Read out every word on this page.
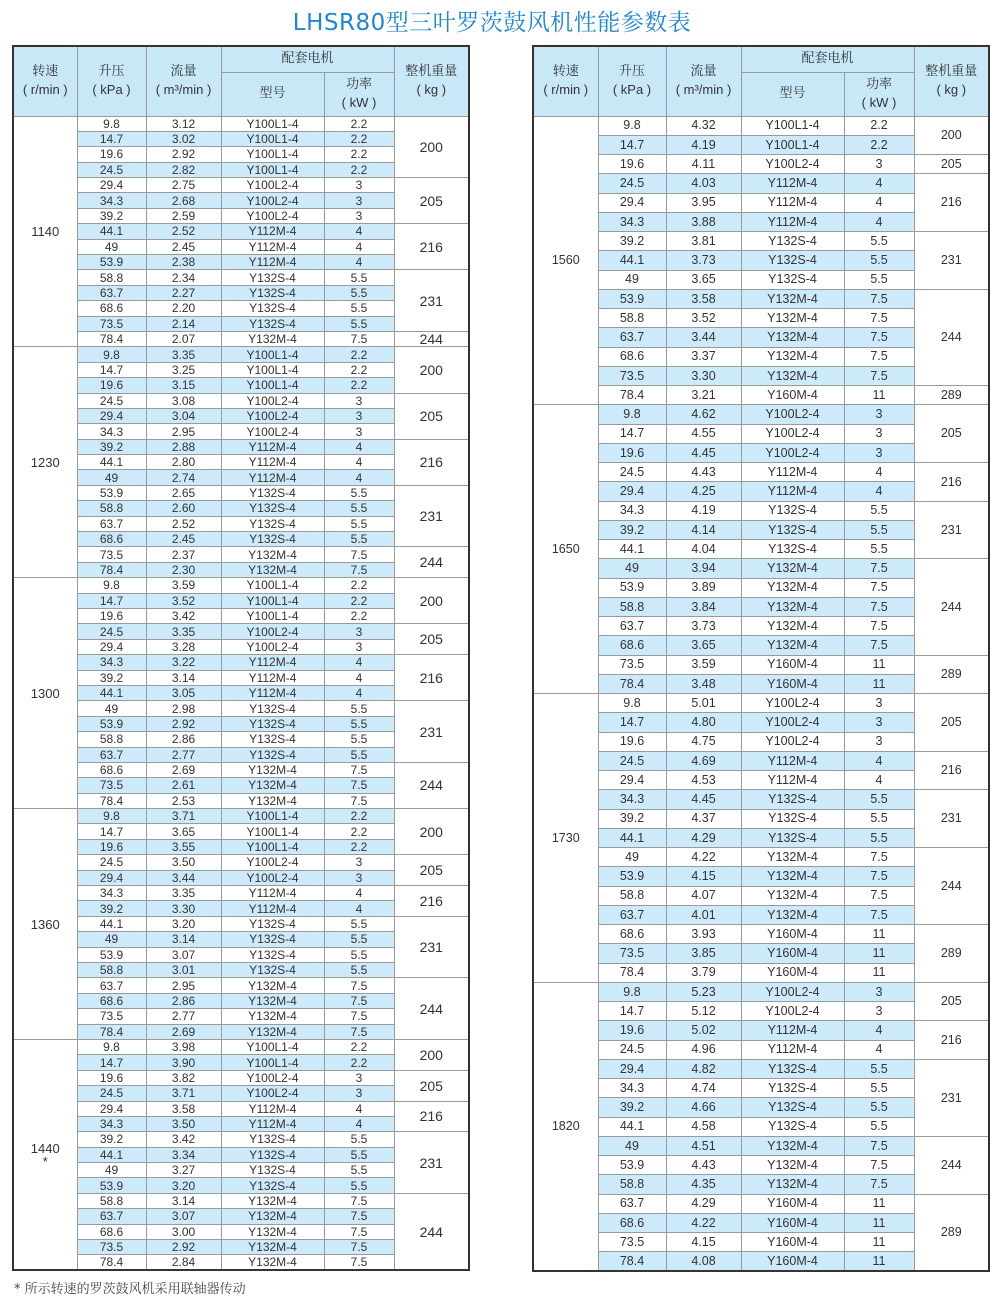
LHSR80型三叶罗茨鼓风机性能参数表
转速
( r/min )	升压
( kPa )	流量
( m³/min )	配套电机		整机重量
( kg )
			型号	功率
( kW )	

1140	9.8	3.12	Y100L1-4	2.2	200
	14.7	3.02	Y100L1-4	2.2	
	19.6	2.92	Y100L1-4	2.2	
	24.5	2.82	Y100L1-4	2.2	
	29.4	2.75	Y100L2-4	3	205
	34.3	2.68	Y100L2-4	3	
	39.2	2.59	Y100L2-4	3	
	44.1	2.52	Y112M-4	4	216
	49	2.45	Y112M-4	4	
	53.9	2.38	Y112M-4	4	
	58.8	2.34	Y132S-4	5.5	231
	63.7	2.27	Y132S-4	5.5	
	68.6	2.20	Y132S-4	5.5	
	73.5	2.14	Y132S-4	5.5	
	78.4	2.07	Y132M-4	7.5	244

1230	9.8	3.35	Y100L1-4	2.2	200
	14.7	3.25	Y100L1-4	2.2	
	19.6	3.15	Y100L1-4	2.2	
	24.5	3.08	Y100L2-4	3	205
	29.4	3.04	Y100L2-4	3	
	34.3	2.95	Y100L2-4	3	
	39.2	2.88	Y112M-4	4	216
	44.1	2.80	Y112M-4	4	
	49	2.74	Y112M-4	4	
	53.9	2.65	Y132S-4	5.5	231
	58.8	2.60	Y132S-4	5.5	
	63.7	2.52	Y132S-4	5.5	
	68.6	2.45	Y132S-4	5.5	
	73.5	2.37	Y132M-4	7.5	244
	78.4	2.30	Y132M-4	7.5	

1300	9.8	3.59	Y100L1-4	2.2	200
	14.7	3.52	Y100L1-4	2.2	
	19.6	3.42	Y100L1-4	2.2	
	24.5	3.35	Y100L2-4	3	205
	29.4	3.28	Y100L2-4	3	
	34.3	3.22	Y112M-4	4	216
	39.2	3.14	Y112M-4	4	
	44.1	3.05	Y112M-4	4	
	49	2.98	Y132S-4	5.5	231
	53.9	2.92	Y132S-4	5.5	
	58.8	2.86	Y132S-4	5.5	
	63.7	2.77	Y132S-4	5.5	
	68.6	2.69	Y132M-4	7.5	244
	73.5	2.61	Y132M-4	7.5	
	78.4	2.53	Y132M-4	7.5	

1360	9.8	3.71	Y100L1-4	2.2	200
	14.7	3.65	Y100L1-4	2.2	
	19.6	3.55	Y100L1-4	2.2	
	24.5	3.50	Y100L2-4	3	205
	29.4	3.44	Y100L2-4	3	
	34.3	3.35	Y112M-4	4	216
	39.2	3.30	Y112M-4	4	
	44.1	3.20	Y132S-4	5.5	231
	49	3.14	Y132S-4	5.5	
	53.9	3.07	Y132S-4	5.5	
	58.8	3.01	Y132S-4	5.5	
	63.7	2.95	Y132M-4	7.5	244
	68.6	2.86	Y132M-4	7.5	
	73.5	2.77	Y132M-4	7.5	
	78.4	2.69	Y132M-4	7.5	

1440
*	9.8	3.98	Y100L1-4	2.2	200
	14.7	3.90	Y100L1-4	2.2	
	19.6	3.82	Y100L2-4	3	205
	24.5	3.71	Y100L2-4	3	
	29.4	3.58	Y112M-4	4	216
	34.3	3.50	Y112M-4	4	
	39.2	3.42	Y132S-4	5.5	231
	44.1	3.34	Y132S-4	5.5	
	49	3.27	Y132S-4	5.5	
	53.9	3.20	Y132S-4	5.5	
	58.8	3.14	Y132M-4	7.5	244
	63.7	3.07	Y132M-4	7.5	
	68.6	3.00	Y132M-4	7.5	
	73.5	2.92	Y132M-4	7.5	
	78.4	2.84	Y132M-4	7.5	
转速
( r/min )	升压
( kPa )	流量
( m³/min )	配套电机		整机重量
( kg )
			型号	功率
( kW )	

1560	9.8	4.32	Y100L1-4	2.2	200
	14.7	4.19	Y100L1-4	2.2	
	19.6	4.11	Y100L2-4	3	205
	24.5	4.03	Y112M-4	4	216
	29.4	3.95	Y112M-4	4	
	34.3	3.88	Y112M-4	4	
	39.2	3.81	Y132S-4	5.5	231
	44.1	3.73	Y132S-4	5.5	
	49	3.65	Y132S-4	5.5	
	53.9	3.58	Y132M-4	7.5	244
	58.8	3.52	Y132M-4	7.5	
	63.7	3.44	Y132M-4	7.5	
	68.6	3.37	Y132M-4	7.5	
	73.5	3.30	Y132M-4	7.5	
	78.4	3.21	Y160M-4	11	289

1650	9.8	4.62	Y100L2-4	3	205
	14.7	4.55	Y100L2-4	3	
	19.6	4.45	Y100L2-4	3	
	24.5	4.43	Y112M-4	4	216
	29.4	4.25	Y112M-4	4	
	34.3	4.19	Y132S-4	5.5	231
	39.2	4.14	Y132S-4	5.5	
	44.1	4.04	Y132S-4	5.5	
	49	3.94	Y132M-4	7.5	244
	53.9	3.89	Y132M-4	7.5	
	58.8	3.84	Y132M-4	7.5	
	63.7	3.73	Y132M-4	7.5	
	68.6	3.65	Y132M-4	7.5	
	73.5	3.59	Y160M-4	11	289
	78.4	3.48	Y160M-4	11	

1730	9.8	5.01	Y100L2-4	3	205
	14.7	4.80	Y100L2-4	3	
	19.6	4.75	Y100L2-4	3	
	24.5	4.69	Y112M-4	4	216
	29.4	4.53	Y112M-4	4	
	34.3	4.45	Y132S-4	5.5	231
	39.2	4.37	Y132S-4	5.5	
	44.1	4.29	Y132S-4	5.5	
	49	4.22	Y132M-4	7.5	244
	53.9	4.15	Y132M-4	7.5	
	58.8	4.07	Y132M-4	7.5	
	63.7	4.01	Y132M-4	7.5	
	68.6	3.93	Y160M-4	11	289
	73.5	3.85	Y160M-4	11	
	78.4	3.79	Y160M-4	11	

1820	9.8	5.23	Y100L2-4	3	205
	14.7	5.12	Y100L2-4	3	
	19.6	5.02	Y112M-4	4	216
	24.5	4.96	Y112M-4	4	
	29.4	4.82	Y132S-4	5.5	231
	34.3	4.74	Y132S-4	5.5	
	39.2	4.66	Y132S-4	5.5	
	44.1	4.58	Y132S-4	5.5	
	49	4.51	Y132M-4	7.5	244
	53.9	4.43	Y132M-4	7.5	
	58.8	4.35	Y132M-4	7.5	
	63.7	4.29	Y160M-4	11	289
	68.6	4.22	Y160M-4	11	
	73.5	4.15	Y160M-4	11	
	78.4	4.08	Y160M-4	11	
* 所示转速的罗茨鼓风机采用联轴器传动
